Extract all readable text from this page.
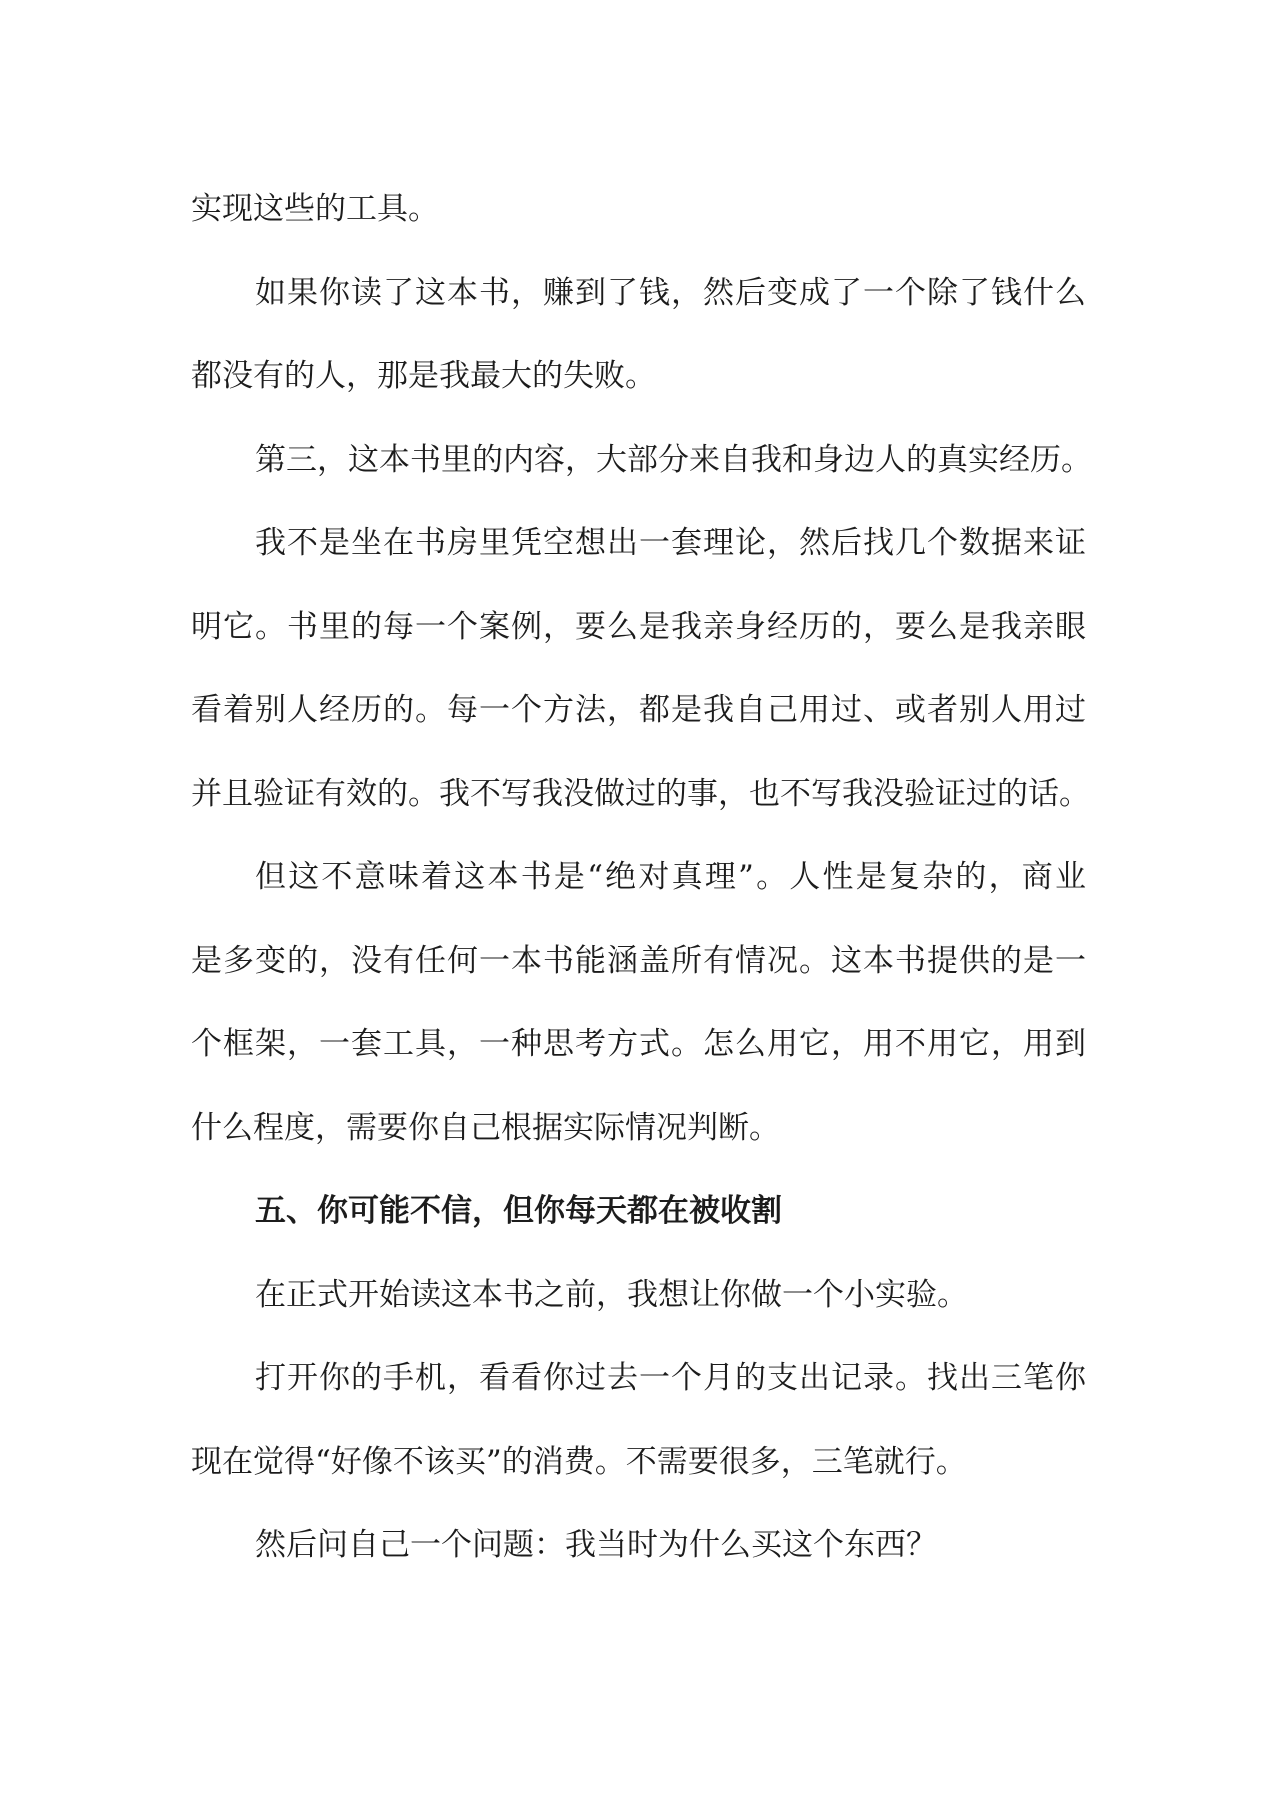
实现这些的工具。

如果你读了这本书，赚到了钱，然后变成了一个除了钱什么
都没有的人，那是我最大的失败。

第三，这本书里的内容，大部分来自我和身边人的真实经历。

我不是坐在书房里凭空想出一套理论，然后找几个数据来证
明它。书里的每一个案例，要么是我亲身经历的，要么是我亲眼
看着别人经历的。每一个方法，都是我自己用过、或者别人用过
并且验证有效的。我不写我没做过的事，也不写我没验证过的话。

但这不意味着这本书是“绝对真理”。人性是复杂的，商业
是多变的，没有任何一本书能涵盖所有情况。这本书提供的是一
个框架，一套工具，一种思考方式。怎么用它，用不用它，用到
什么程度，需要你自己根据实际情况判断。

五、你可能不信，但你每天都在被收割

在正式开始读这本书之前，我想让你做一个小实验。

打开你的手机，看看你过去一个月的支出记录。找出三笔你
现在觉得“好像不该买”的消费。不需要很多，三笔就行。

然后问自己一个问题：我当时为什么买这个东西？
